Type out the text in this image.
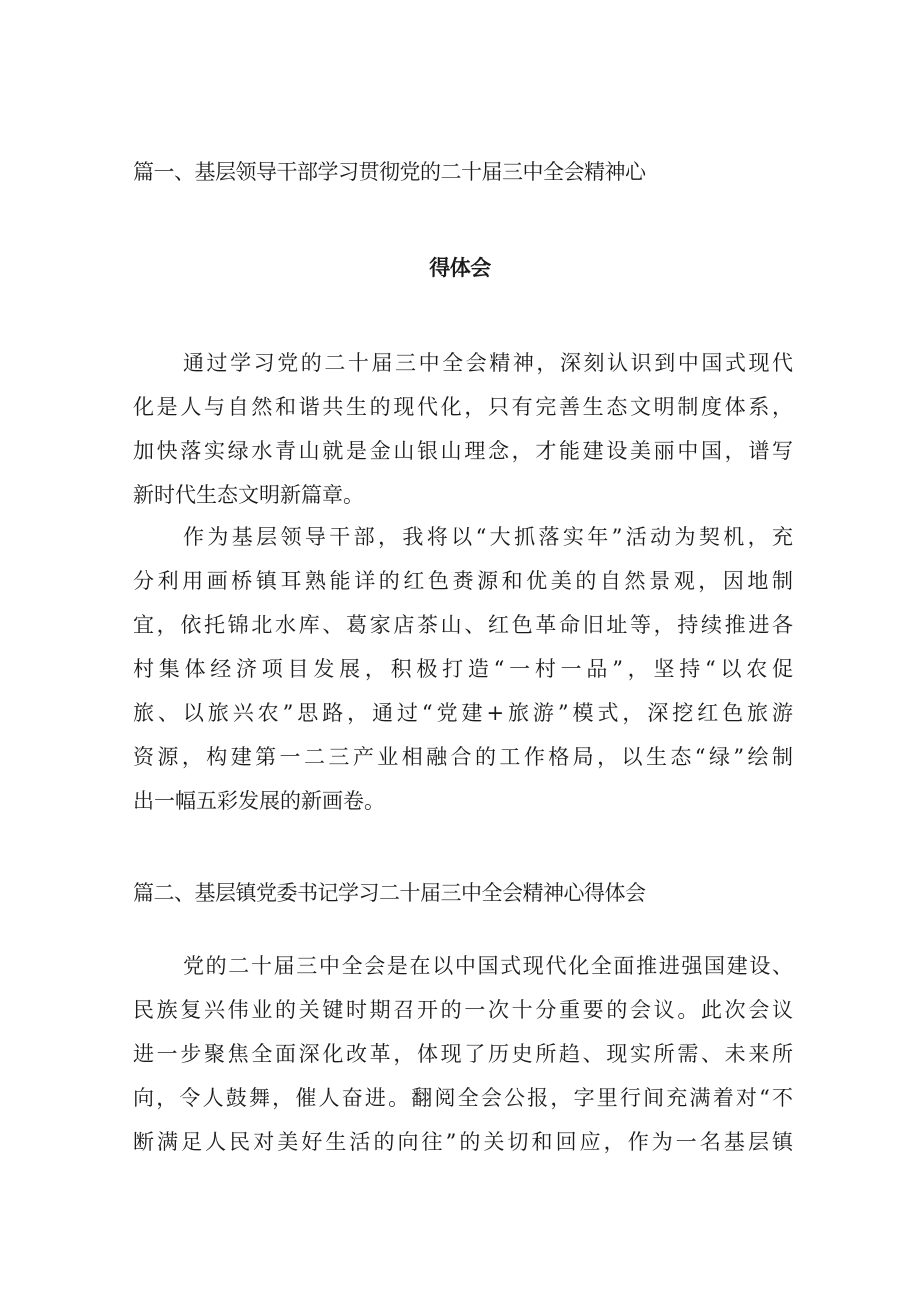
篇一、基层领导干部学习贯彻党的二十届三中全会精神心
得体会
通过学习党的二十届三中全会精神，深刻认识到中国式现代
化是人与自然和谐共生的现代化，只有完善生态文明制度体系，
加快落实绿水青山就是金山银山理念，才能建设美丽中国，谱写
新时代生态文明新篇章。
作为基层领导干部，我将以“大抓落实年”活动为契机，充
分利用画桥镇耳熟能详的红色赉源和优美的自然景观，因地制
宜，依托锦北水库、葛家店茶山、红色革命旧址等，持续推进各
村集体经济项目发展，积极打造“一村一品”，坚持“以农促
旅、以旅兴农”思路，通过“党建+旅游”模式，深挖红色旅游
资源，构建第一二三产业相融合的工作格局，以生态“绿”绘制
出一幅五彩发展的新画卷。
篇二、基层镇党委书记学习二十届三中全会精神心得体会
党的二十届三中全会是在以中国式现代化全面推进强国建设、
民族复兴伟业的关键时期召开的一次十分重要的会议。此次会议
进一步聚焦全面深化改革，体现了历史所趋、现实所需、未来所
向，令人鼓舞，催人奋进。翻阅全会公报，字里行间充满着对“不
断满足人民对美好生活的向往”的关切和回应，作为一名基层镇
